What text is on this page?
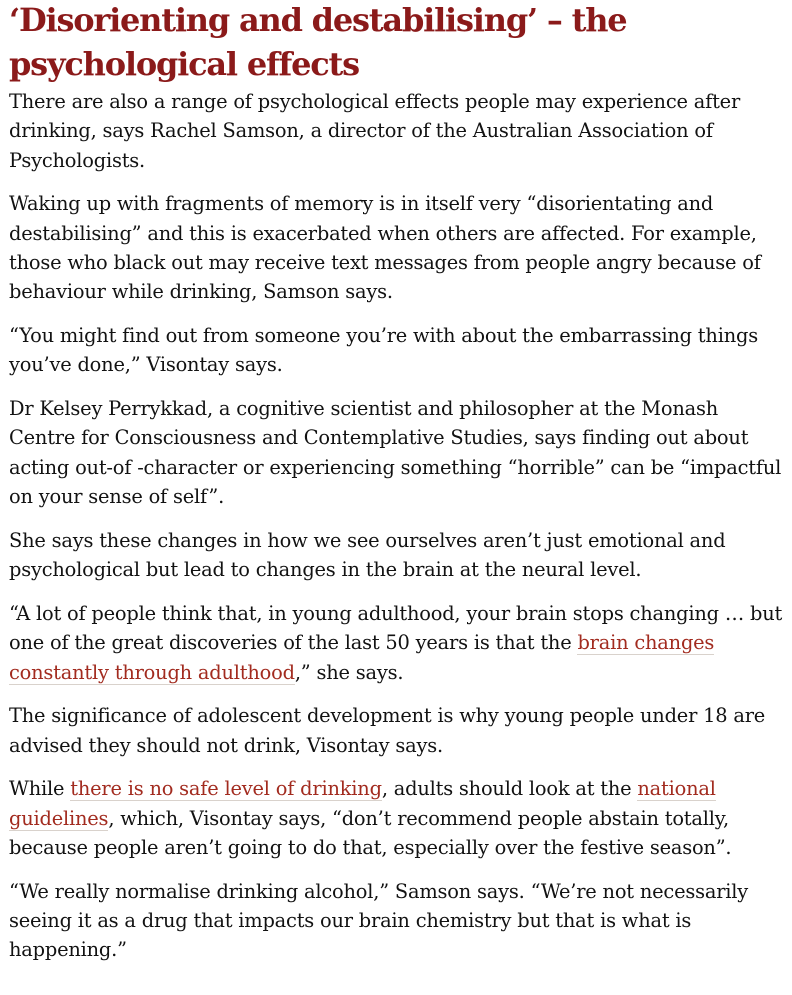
‘Disorienting and destabilising’ – the psychological effects

There are also a range of psychological effects people may experience after drinking, says Rachel Samson, a director of the Australian Association of Psychologists.

Waking up with fragments of memory is in itself very “disorientating and destabilising” and this is exacerbated when others are affected. For example, those who black out may receive text messages from people angry because of behaviour while drinking, Samson says.

“You might find out from someone you’re with about the embarrassing things you’ve done,” Visontay says.

Dr Kelsey Perrykkad, a cognitive scientist and philosopher at the Monash Centre for Consciousness and Contemplative Studies, says finding out about acting out-of -character or experiencing something “horrible” can be “impactful on your sense of self”.

She says these changes in how we see ourselves aren’t just emotional and psychological but lead to changes in the brain at the neural level.

“A lot of people think that, in young adulthood, your brain stops changing … but one of the great discoveries of the last 50 years is that the brain changes constantly through adulthood,” she says.

The significance of adolescent development is why young people under 18 are advised they should not drink, Visontay says.

While there is no safe level of drinking, adults should look at the national guidelines, which, Visontay says, “don’t recommend people abstain totally, because people aren’t going to do that, especially over the festive season”.

“We really normalise drinking alcohol,” Samson says. “We’re not necessarily seeing it as a drug that impacts our brain chemistry but that is what is happening.”
